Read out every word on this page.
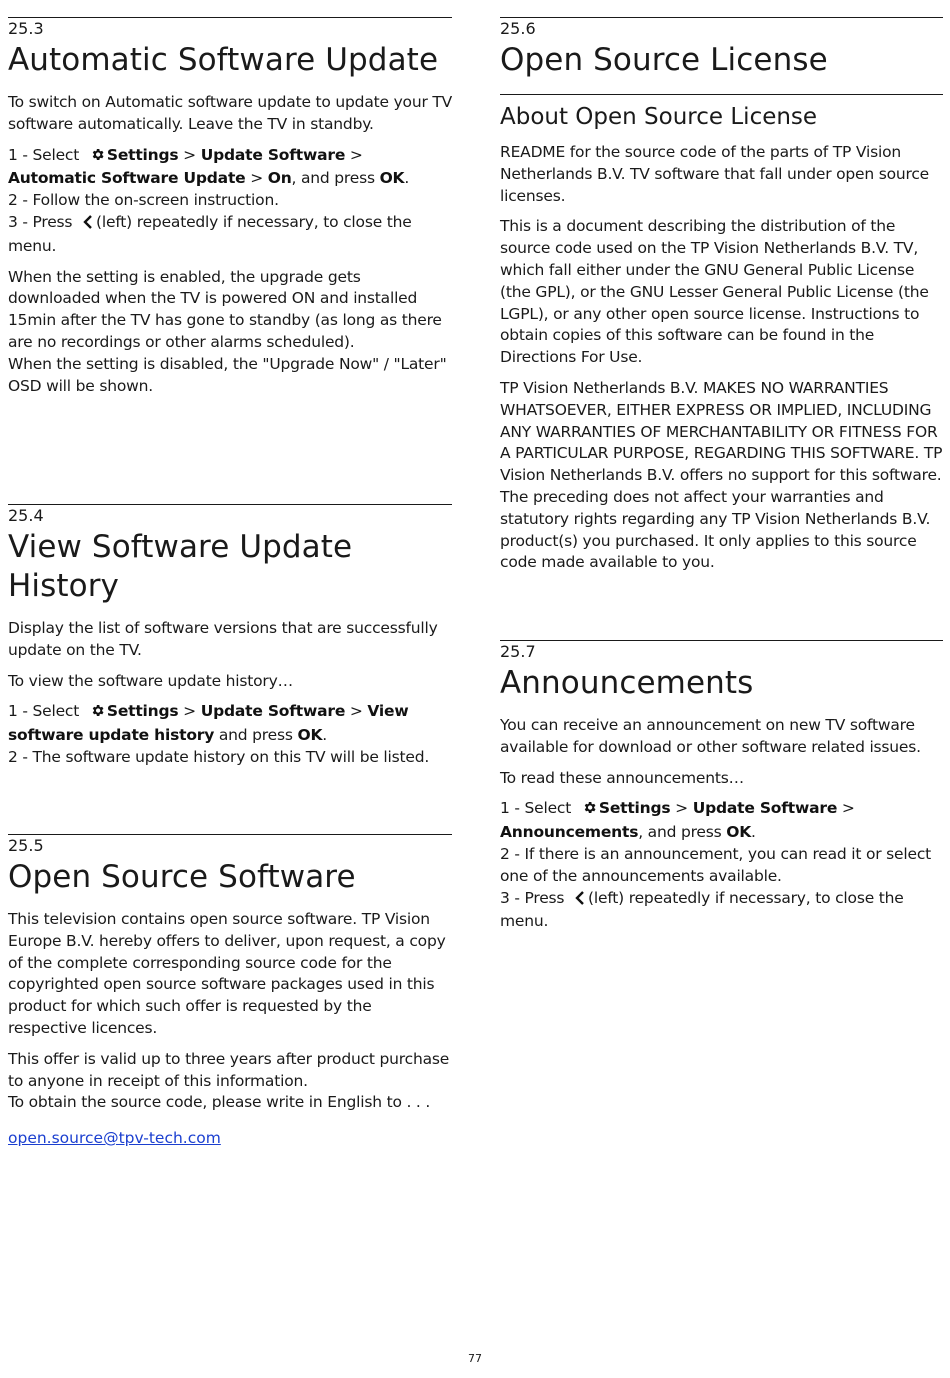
25.3
Automatic Software Update

To switch on Automatic software update to update your TV software automatically. Leave the TV in standby.

1 - Select Settings > Update Software > Automatic Software Update > On, and press OK.
2 - Follow the on-screen instruction.
3 - Press (left) repeatedly if necessary, to close the menu.

When the setting is enabled, the upgrade gets downloaded when the TV is powered ON and installed 15min after the TV has gone to standby (as long as there are no recordings or other alarms scheduled).

When the setting is disabled, the "Upgrade Now" / "Later" OSD will be shown.

25.4
View Software Update History

Display the list of software versions that are successfully update on the TV.

To view the software update history…

1 - Select Settings > Update Software > View software update history and press OK.
2 - The software update history on this TV will be listed.
25.5
Open Source Software

This television contains open source software. TP Vision Europe B.V. hereby offers to deliver, upon request, a copy of the complete corresponding source code for the copyrighted open source software packages used in this product for which such offer is requested by the respective licences.

This offer is valid up to three years after product purchase to anyone in receipt of this information.

To obtain the source code, please write in English to . . .

open.source@tpv-tech.com
25.6
Open Source License
About Open Source License

README for the source code of the parts of TP Vision Netherlands B.V. TV software that fall under open source licenses.

This is a document describing the distribution of the source code used on the TP Vision Netherlands B.V. TV, which fall either under the GNU General Public License (the GPL), or the GNU Lesser General Public License (the LGPL), or any other open source license. Instructions to obtain copies of this software can be found in the Directions For Use.

TP Vision Netherlands B.V. MAKES NO WARRANTIES WHATSOEVER, EITHER EXPRESS OR IMPLIED, INCLUDING ANY WARRANTIES OF MERCHANTABILITY OR FITNESS FOR A PARTICULAR PURPOSE, REGARDING THIS SOFTWARE. TP Vision Netherlands B.V. offers no support for this software. The preceding does not affect your warranties and statutory rights regarding any TP Vision Netherlands B.V. product(s) you purchased. It only applies to this source code made available to you.

25.7
Announcements

You can receive an announcement on new TV software available for download or other software related issues.

To read these announcements…

1 - Select Settings > Update Software > Announcements, and press OK.
2 - If there is an announcement, you can read it or select one of the announcements available.
3 - Press (left) repeatedly if necessary, to close the menu.
77
